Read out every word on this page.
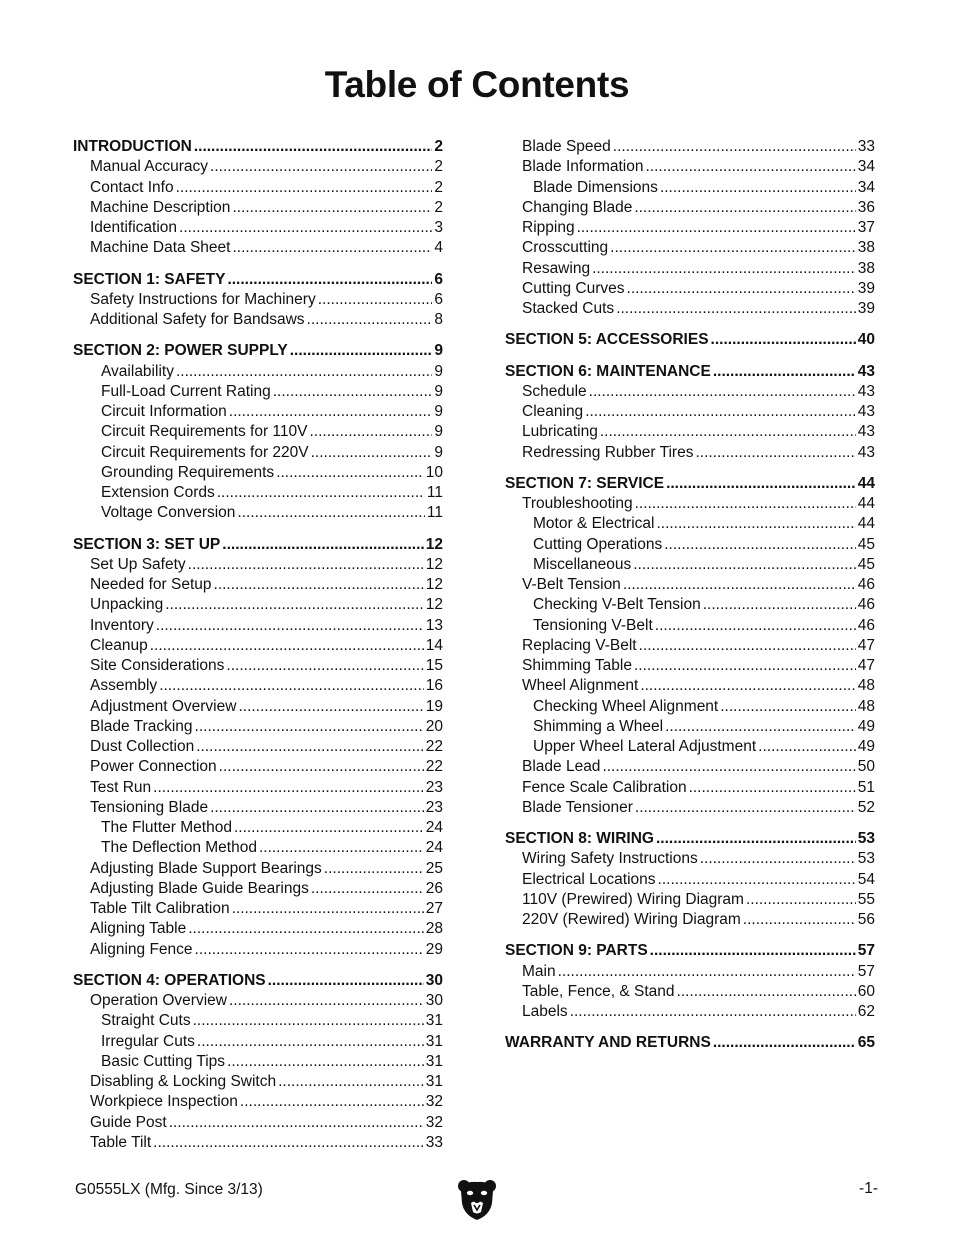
Table of Contents
INTRODUCTION .....	2
Manual Accuracy .....	2
Contact Info .....	2
Machine Description .....	2
Identification .....	3
Machine Data Sheet .....	4
SECTION 1: SAFETY .....	6
Safety Instructions for Machinery .....	6
Additional Safety for Bandsaws .....	8
SECTION 2: POWER SUPPLY .....	9
Availability .....	9
Full-Load Current Rating .....	9
Circuit Information .....	9
Circuit Requirements for 110V .....	9
Circuit Requirements for 220V .....	9
Grounding Requirements .....	10
Extension Cords .....	11
Voltage Conversion .....	11
SECTION 3: SET UP .....	12
Set Up Safety .....	12
Needed for Setup .....	12
Unpacking .....	12
Inventory .....	13
Cleanup .....	14
Site Considerations .....	15
Assembly .....	16
Adjustment Overview .....	19
Blade Tracking .....	20
Dust Collection .....	22
Power Connection .....	22
Test Run .....	23
Tensioning Blade .....	23
The Flutter Method .....	24
The Deflection Method .....	24
Adjusting Blade Support Bearings .....	25
Adjusting Blade Guide Bearings .....	26
Table Tilt Calibration .....	27
Aligning Table .....	28
Aligning Fence .....	29
SECTION 4: OPERATIONS .....	30
Operation Overview .....	30
Straight Cuts .....	31
Irregular Cuts .....	31
Basic Cutting Tips .....	31
Disabling & Locking Switch .....	31
Workpiece Inspection .....	32
Guide Post .....	32
Table Tilt .....	33
Blade Speed .....	33
Blade Information .....	34
Blade Dimensions .....	34
Changing Blade .....	36
Ripping .....	37
Crosscutting .....	38
Resawing .....	38
Cutting Curves .....	39
Stacked Cuts .....	39
SECTION 5: ACCESSORIES .....	40
SECTION 6: MAINTENANCE .....	43
Schedule .....	43
Cleaning .....	43
Lubricating .....	43
Redressing Rubber Tires .....	43
SECTION 7: SERVICE .....	44
Troubleshooting .....	44
Motor & Electrical .....	44
Cutting Operations .....	45
Miscellaneous .....	45
V-Belt Tension .....	46
Checking V-Belt Tension .....	46
Tensioning V-Belt .....	46
Replacing V-Belt .....	47
Shimming Table .....	47
Wheel Alignment .....	48
Checking Wheel Alignment .....	48
Shimming a Wheel .....	49
Upper Wheel Lateral Adjustment .....	49
Blade Lead .....	50
Fence Scale Calibration .....	51
Blade Tensioner .....	52
SECTION 8: WIRING .....	53
Wiring Safety Instructions .....	53
Electrical Locations .....	54
110V (Prewired) Wiring Diagram .....	55
220V (Rewired) Wiring Diagram .....	56
SECTION 9: PARTS .....	57
Main .....	57
Table, Fence, & Stand .....	60
Labels .....	62
WARRANTY AND RETURNS .....	65
G0555LX (Mfg. Since 3/13)	-1-
